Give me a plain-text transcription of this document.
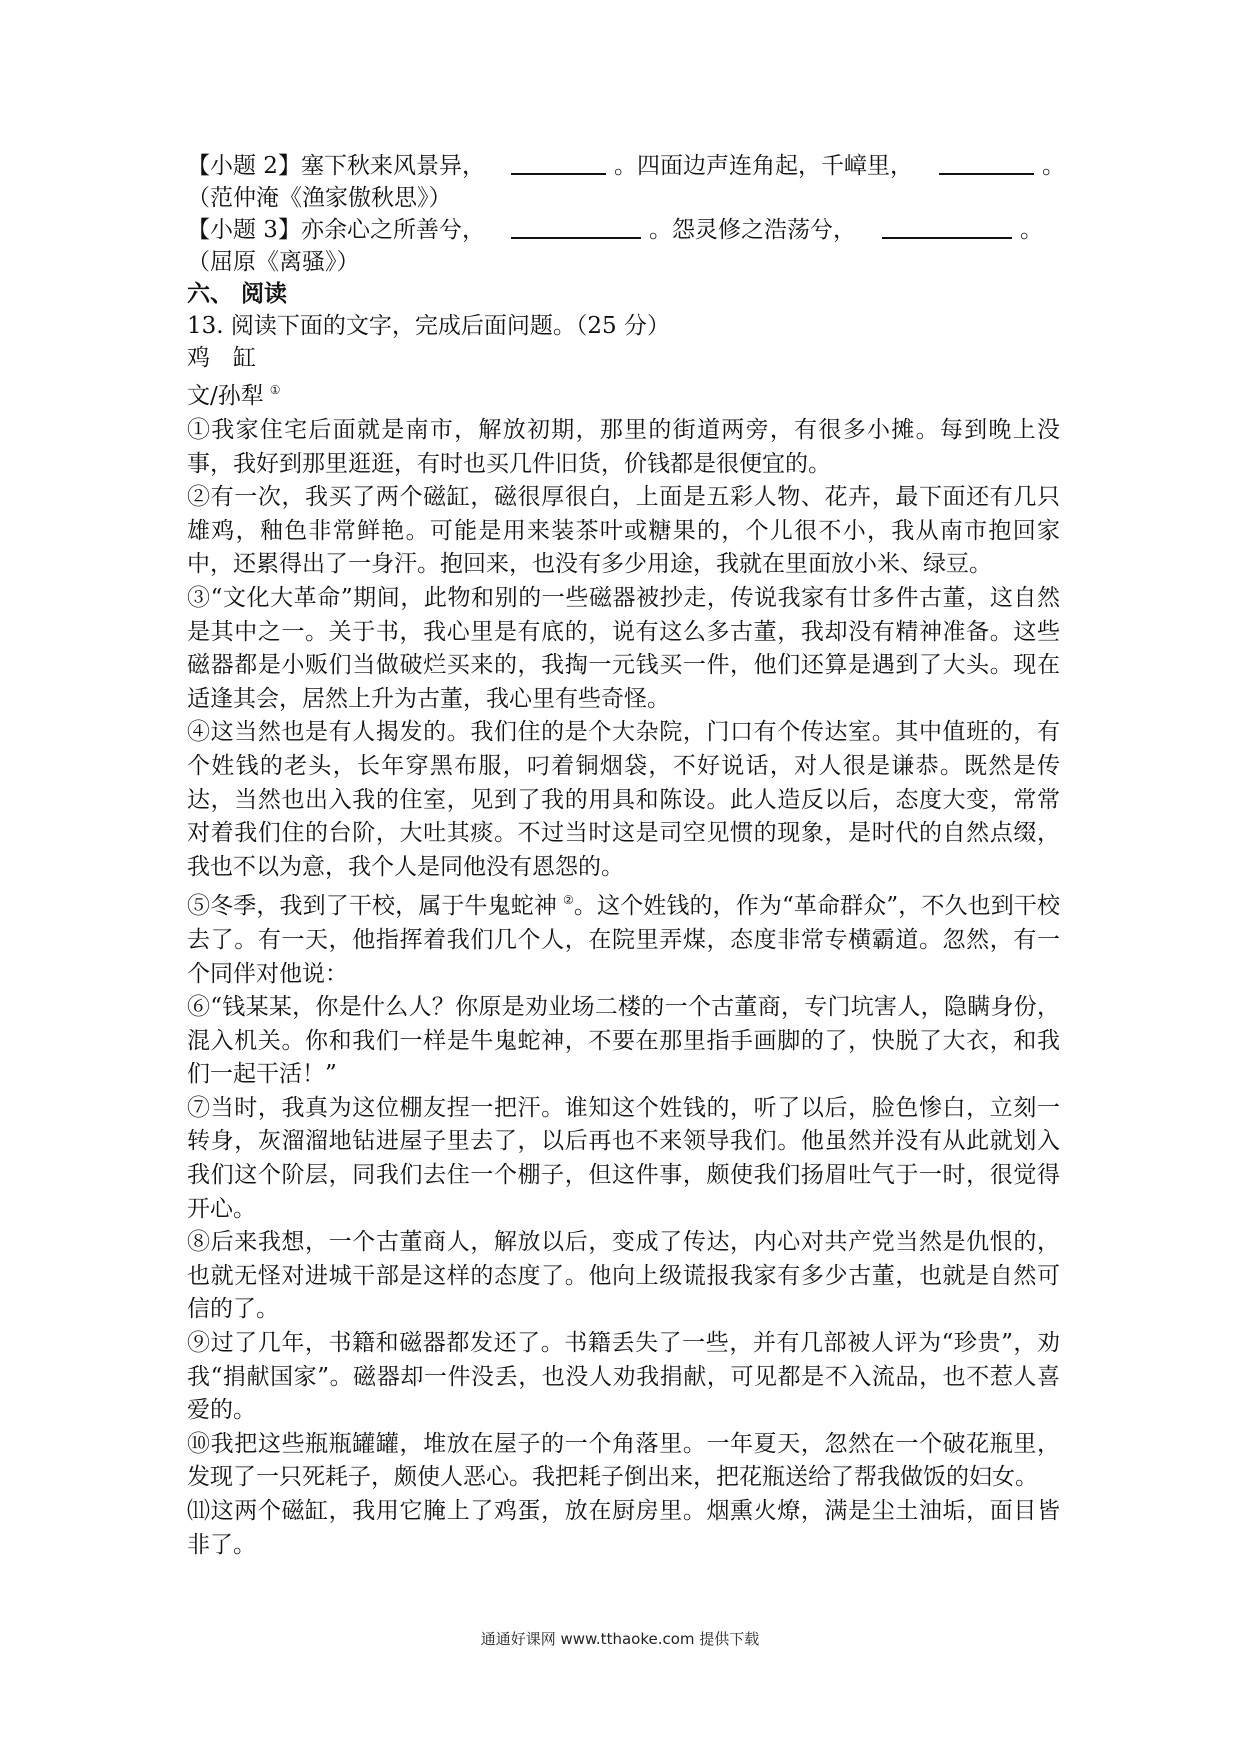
【小题 2】塞下秋来风景异，	。四面边声连角起，千嶂里，	。

（范仲淹《渔家傲秋思》）

【小题 3】亦余心之所善兮，	。怨灵修之浩荡兮，	。

（屈原《离骚》）

六、 阅读

13. 阅读下面的文字，完成后面问题。（25 分）

鸡　缸

文/孙犁 ①

①我家住宅后面就是南市，解放初期，那里的街道两旁，有很多小摊。每到晚上没事，我好到那里逛逛，有时也买几件旧货，价钱都是很便宜的。

②有一次，我买了两个磁缸，磁很厚很白，上面是五彩人物、花卉，最下面还有几只雄鸡，釉色非常鲜艳。可能是用来装茶叶或糖果的，个儿很不小，我从南市抱回家中，还累得出了一身汗。抱回来，也没有多少用途，我就在里面放小米、绿豆。

③“文化大革命”期间，此物和别的一些磁器被抄走，传说我家有廿多件古董，这自然是其中之一。关于书，我心里是有底的，说有这么多古董，我却没有精神准备。这些磁器都是小贩们当做破烂买来的，我掏一元钱买一件，他们还算是遇到了大头。现在适逢其会，居然上升为古董，我心里有些奇怪。

④这当然也是有人揭发的。我们住的是个大杂院，门口有个传达室。其中值班的，有个姓钱的老头，长年穿黑布服，叼着铜烟袋，不好说话，对人很是谦恭。既然是传达，当然也出入我的住室，见到了我的用具和陈设。此人造反以后，态度大变，常常对着我们住的台阶，大吐其痰。不过当时这是司空见惯的现象，是时代的自然点缀，我也不以为意，我个人是同他没有恩怨的。

⑤冬季，我到了干校，属于牛鬼蛇神 ②。这个姓钱的，作为“革命群众”，不久也到干校去了。有一天，他指挥着我们几个人，在院里弄煤，态度非常专横霸道。忽然，有一个同伴对他说：

⑥“钱某某，你是什么人？你原是劝业场二楼的一个古董商，专门坑害人，隐瞒身份，混入机关。你和我们一样是牛鬼蛇神，不要在那里指手画脚的了，快脱了大衣，和我们一起干活！”

⑦当时，我真为这位棚友捏一把汗。谁知这个姓钱的，听了以后，脸色惨白，立刻一转身，灰溜溜地钻进屋子里去了，以后再也不来领导我们。他虽然并没有从此就划入我们这个阶层，同我们去住一个棚子，但这件事，颇使我们扬眉吐气于一时，很觉得开心。

⑧后来我想，一个古董商人，解放以后，变成了传达，内心对共产党当然是仇恨的，也就无怪对进城干部是这样的态度了。他向上级谎报我家有多少古董，也就是自然可信的了。

⑨过了几年，书籍和磁器都发还了。书籍丢失了一些，并有几部被人评为“珍贵”，劝我“捐献国家”。磁器却一件没丢，也没人劝我捐献，可见都是不入流品，也不惹人喜爱的。

⑩我把这些瓶瓶罐罐，堆放在屋子的一个角落里。一年夏天，忽然在一个破花瓶里，发现了一只死耗子，颇使人恶心。我把耗子倒出来，把花瓶送给了帮我做饭的妇女。

⑾这两个磁缸，我用它腌上了鸡蛋，放在厨房里。烟熏火燎，满是尘土油垢，面目皆非了。

通通好课网 www.tthaoke.com 提供下载
